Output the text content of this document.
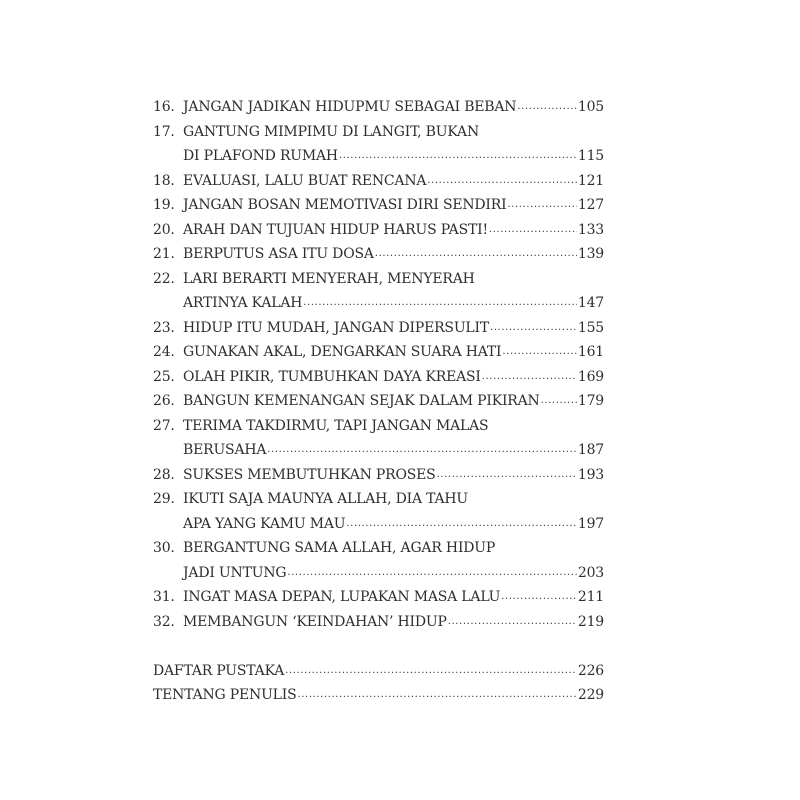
16. JANGAN JADIKAN HIDUPMU SEBAGAI BEBAN .....	105
17. GANTUNG MIMPIMU DI LANGIT, BUKAN
DI PLAFOND RUMAH .....	115
18. EVALUASI, LALU BUAT RENCANA .....	121
19. JANGAN BOSAN MEMOTIVASI DIRI SENDIRI .....	127
20. ARAH DAN TUJUAN HIDUP HARUS PASTI! .....	133
21. BERPUTUS ASA ITU DOSA .....	139
22. LARI BERARTI MENYERAH, MENYERAH
ARTINYA KALAH .....	147
23. HIDUP ITU MUDAH, JANGAN DIPERSULIT .....	155
24. GUNAKAN AKAL, DENGARKAN SUARA HATI .....	161
25. OLAH PIKIR, TUMBUHKAN DAYA KREASI .....	169
26. BANGUN KEMENANGAN SEJAK DALAM PIKIRAN .....	179
27. TERIMA TAKDIRMU, TAPI JANGAN MALAS
BERUSAHA .....	187
28. SUKSES MEMBUTUHKAN PROSES .....	193
29. IKUTI SAJA MAUNYA ALLAH, DIA TAHU
APA YANG KAMU MAU .....	197
30. BERGANTUNG SAMA ALLAH, AGAR HIDUP
JADI UNTUNG .....	203
31. INGAT MASA DEPAN, LUPAKAN MASA LALU .....	211
32. MEMBANGUN ‘KEINDAHAN’ HIDUP .....	219
DAFTAR PUSTAKA .....	226
TENTANG PENULIS .....	229
